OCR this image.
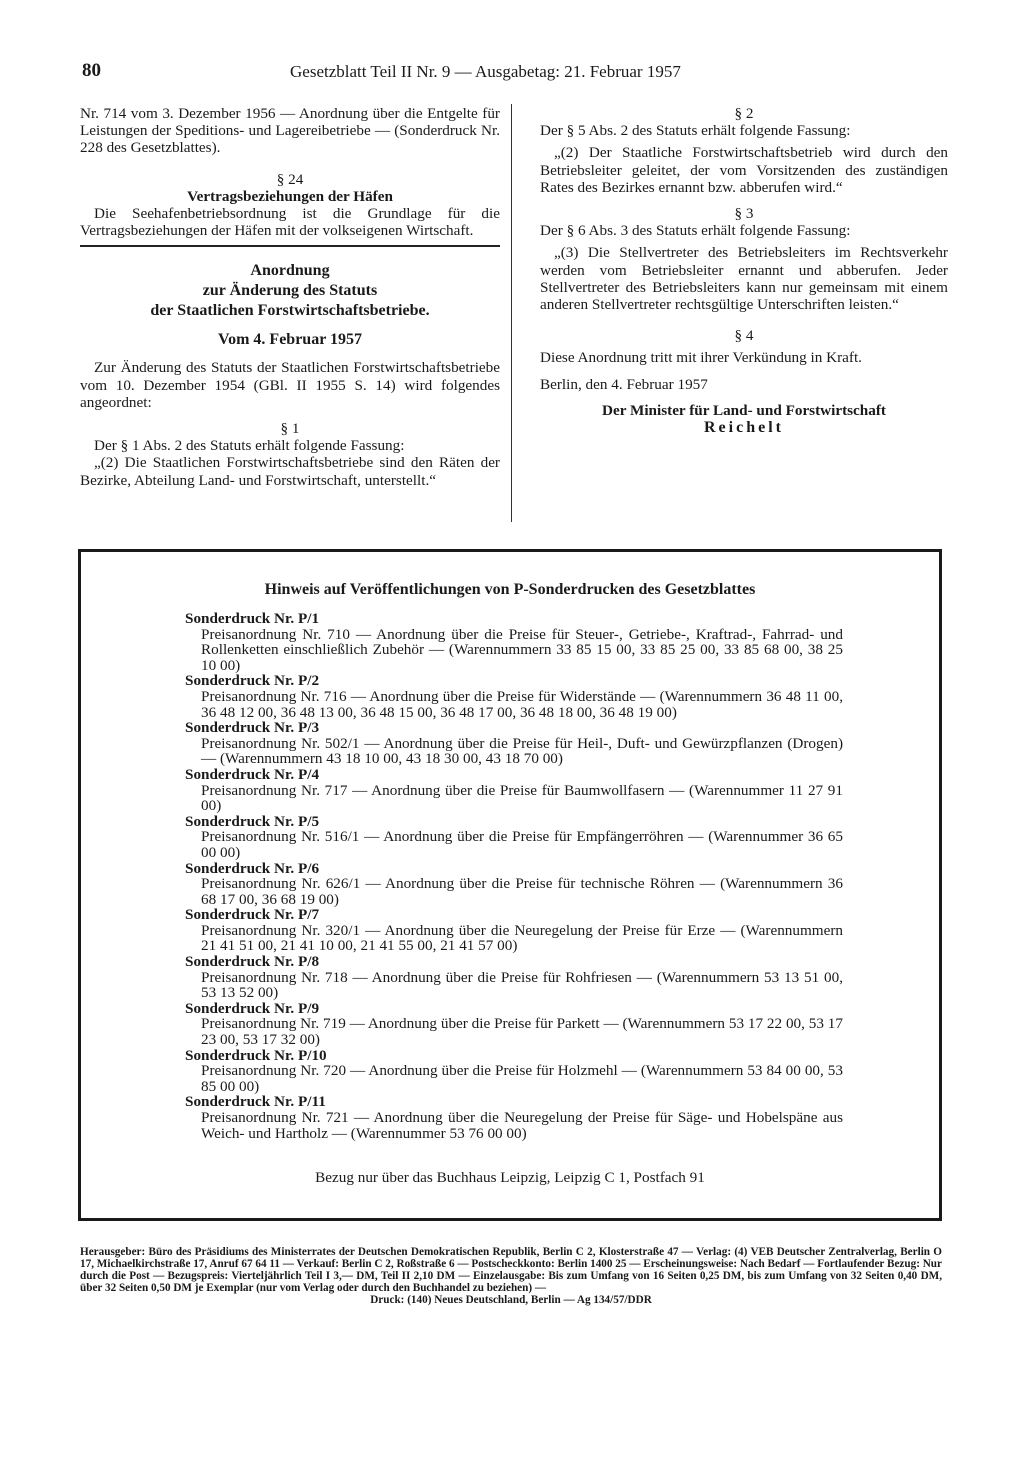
80	Gesetzblatt Teil II Nr. 9 — Ausgabetag: 21. Februar 1957

Nr. 714 vom 3. Dezember 1956 — Anordnung über die Entgelte für Leistungen der Speditions- und Lagereibetriebe — (Sonderdruck Nr. 228 des Gesetzblattes).

§ 24

Vertragsbeziehungen der Häfen

Die Seehafenbetriebsordnung ist die Grundlage für die Vertragsbeziehungen der Häfen mit der volkseigenen Wirtschaft.

Anordnung

zur Änderung des Statuts

der Staatlichen Forstwirtschaftsbetriebe.

Vom 4. Februar 1957

Zur Änderung des Statuts der Staatlichen Forstwirtschaftsbetriebe vom 10. Dezember 1954 (GBl. II 1955 S. 14) wird folgendes angeordnet:

§ 1

Der § 1 Abs. 2 des Statuts erhält folgende Fassung:

„(2) Die Staatlichen Forstwirtschaftsbetriebe sind den Räten der Bezirke, Abteilung Land- und Forstwirtschaft, unterstellt.“

§ 2

Der § 5 Abs. 2 des Statuts erhält folgende Fassung:

„(2) Der Staatliche Forstwirtschaftsbetrieb wird durch den Betriebsleiter geleitet, der vom Vorsitzenden des zuständigen Rates des Bezirkes ernannt bzw. abberufen wird.“

§ 3

Der § 6 Abs. 3 des Statuts erhält folgende Fassung:

„(3) Die Stellvertreter des Betriebsleiters im Rechtsverkehr werden vom Betriebsleiter ernannt und abberufen. Jeder Stellvertreter des Betriebsleiters kann nur gemeinsam mit einem anderen Stellvertreter rechtsgültige Unterschriften leisten.“

§ 4

Diese Anordnung tritt mit ihrer Verkündung in Kraft.

Berlin, den 4. Februar 1957

Der Minister für Land- und Forstwirtschaft

Reichelt

Hinweis auf Veröffentlichungen von P-Sonderdrucken des Gesetzblattes
Sonderdruck Nr. P/1
Preisanordnung Nr. 710 — Anordnung über die Preise für Steuer-, Getriebe-, Kraftrad-, Fahrrad- und Rollenketten einschließlich Zubehör — (Warennummern 33 85 15 00, 33 85 25 00, 33 85 68 00, 38 25 10 00)
Sonderdruck Nr. P/2
Preisanordnung Nr. 716 — Anordnung über die Preise für Widerstände — (Warennummern 36 48 11 00, 36 48 12 00, 36 48 13 00, 36 48 15 00, 36 48 17 00, 36 48 18 00, 36 48 19 00)
Sonderdruck Nr. P/3
Preisanordnung Nr. 502/1 — Anordnung über die Preise für Heil-, Duft- und Gewürzpflanzen (Drogen) — (Warennummern 43 18 10 00, 43 18 30 00, 43 18 70 00)
Sonderdruck Nr. P/4
Preisanordnung Nr. 717 — Anordnung über die Preise für Baumwollfasern — (Warennummer 11 27 91 00)
Sonderdruck Nr. P/5
Preisanordnung Nr. 516/1 — Anordnung über die Preise für Empfängerröhren — (Warennummer 36 65 00 00)
Sonderdruck Nr. P/6
Preisanordnung Nr. 626/1 — Anordnung über die Preise für technische Röhren — (Warennummern 36 68 17 00, 36 68 19 00)
Sonderdruck Nr. P/7
Preisanordnung Nr. 320/1 — Anordnung über die Neuregelung der Preise für Erze — (Warennummern 21 41 51 00, 21 41 10 00, 21 41 55 00, 21 41 57 00)
Sonderdruck Nr. P/8
Preisanordnung Nr. 718 — Anordnung über die Preise für Rohfriesen — (Warennummern 53 13 51 00, 53 13 52 00)
Sonderdruck Nr. P/9
Preisanordnung Nr. 719 — Anordnung über die Preise für Parkett — (Warennummern 53 17 22 00, 53 17 23 00, 53 17 32 00)
Sonderdruck Nr. P/10
Preisanordnung Nr. 720 — Anordnung über die Preise für Holzmehl — (Warennummern 53 84 00 00, 53 85 00 00)
Sonderdruck Nr. P/11
Preisanordnung Nr. 721 — Anordnung über die Neuregelung der Preise für Säge- und Hobelspäne aus Weich- und Hartholz — (Warennummer 53 76 00 00)
Bezug nur über das Buchhaus Leipzig, Leipzig C 1, Postfach 91
Herausgeber: Büro des Präsidiums des Ministerrates der Deutschen Demokratischen Republik, Berlin C 2, Klosterstraße 47 — Verlag: (4) VEB Deutscher Zentralverlag, Berlin O 17, Michaelkirchstraße 17, Anruf 67 64 11 — Verkauf: Berlin C 2, Roßstraße 6 — Postscheckkonto: Berlin 1400 25 — Erscheinungsweise: Nach Bedarf — Fortlaufender Bezug: Nur durch die Post — Bezugspreis: Vierteljährlich Teil I 3,— DM, Teil II 2,10 DM — Einzelausgabe: Bis zum Umfang von 16 Seiten 0,25 DM, bis zum Umfang von 32 Seiten 0,40 DM, über 32 Seiten 0,50 DM je Exemplar (nur vom Verlag oder durch den Buchhandel zu beziehen) —
Druck: (140) Neues Deutschland, Berlin — Ag 134/57/DDR
